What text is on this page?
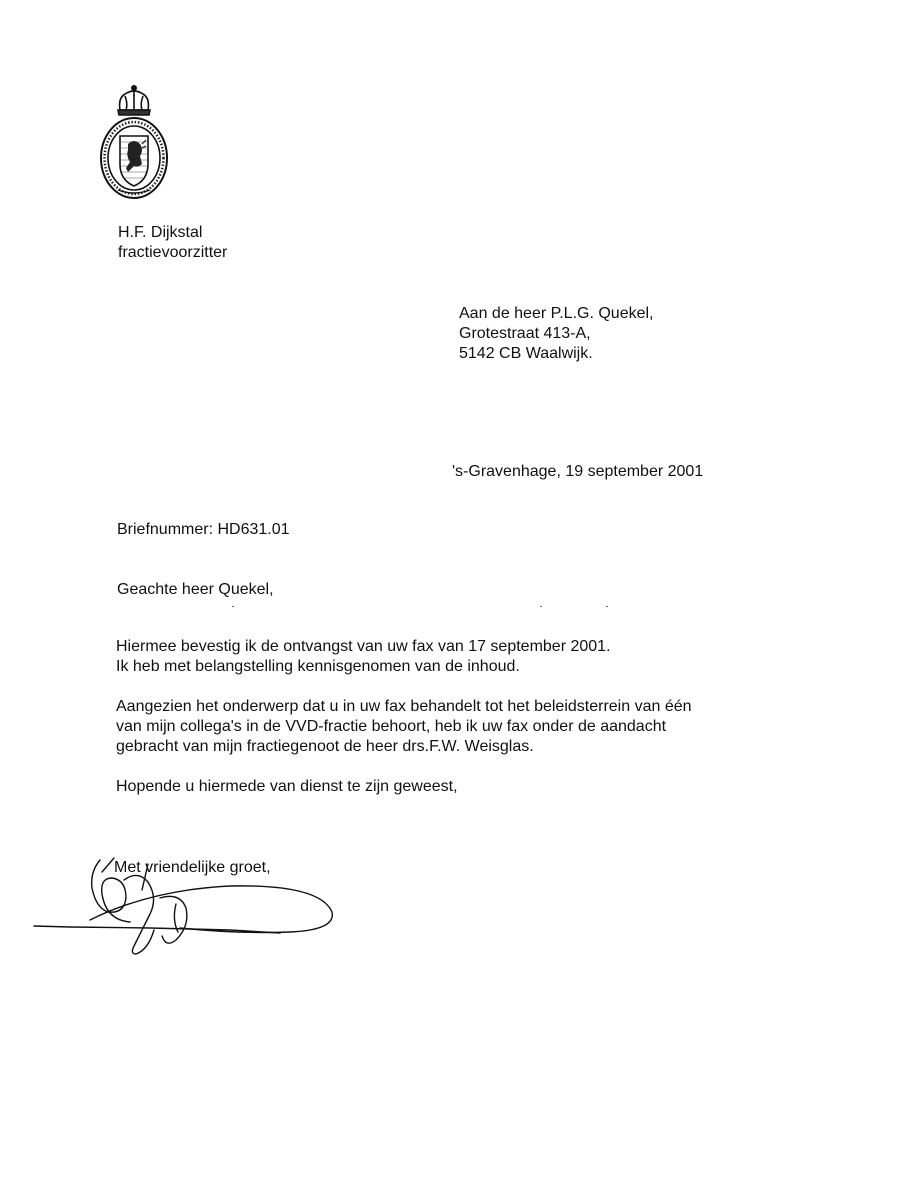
H.F. Dijkstal
fractievoorzitter
Aan de heer P.L.G. Quekel,
Grotestraat 413-A,
5142 CB Waalwijk.
's-Gravenhage, 19 september 2001
Briefnummer: HD631.01
Geachte heer Quekel,
Hiermee bevestig ik de ontvangst van uw fax van 17 september 2001.
Ik heb met belangstelling kennisgenomen van de inhoud.
Aangezien het onderwerp dat u in uw fax behandelt tot het beleidsterrein van één
van mijn collega's in de VVD-fractie behoort, heb ik uw fax onder de aandacht
gebracht van mijn fractiegenoot de heer drs.F.W. Weisglas.
Hopende u hiermede van dienst te zijn geweest,
Met vriendelijke groet,
